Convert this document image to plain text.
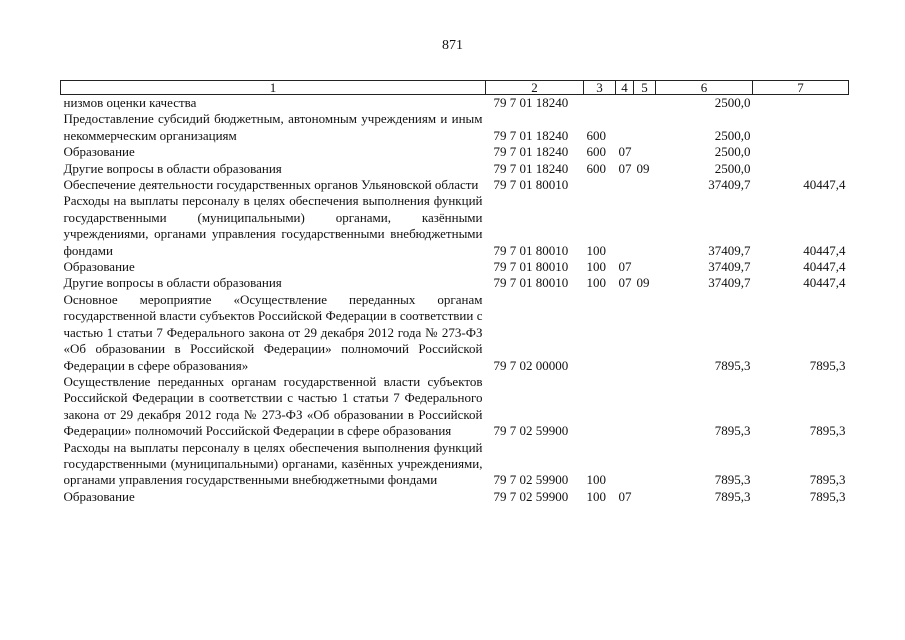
871
1	2	3	4	5	6	7
низмов оценки качества	79 7 01 18240				2500,0	
Предоставление субсидий бюджетным, автономным учреждениям и иным некоммерческим организациям	79 7 01 18240	600			2500,0	
Образование	79 7 01 18240	600	07		2500,0	
Другие вопросы в области образования	79 7 01 18240	600	07	09	2500,0	
Обеспечение деятельности государственных органов Ульяновской области	79 7 01 80010				37409,7	40447,4
Расходы на выплаты персоналу в целях обеспечения выполнения функций государственными (муниципальными) органами, казёнными учреждениями, органами управления государственными внебюджетными фондами	79 7 01 80010	100			37409,7	40447,4
Образование	79 7 01 80010	100	07		37409,7	40447,4
Другие вопросы в области образования	79 7 01 80010	100	07	09	37409,7	40447,4
Основное мероприятие «Осуществление переданных органам государственной власти субъектов Российской Федерации в соответствии с частью 1 статьи 7 Федерального закона от 29 декабря 2012 года № 273-ФЗ «Об образовании в Российской Федерации» полномочий Российской Федерации в сфере образования»	79 7 02 00000				7895,3	7895,3
Осуществление переданных органам государственной власти субъектов Российской Федерации в соответствии с частью 1 статьи 7 Федерального закона от 29 декабря 2012 года № 273-ФЗ «Об образовании в Российской Федерации» полномочий Российской Федерации в сфере образования	79 7 02 59900				7895,3	7895,3
Расходы на выплаты персоналу в целях обеспечения выполнения функций государственными (муниципальными) органами, казённых учреждениями, органами управления государственными внебюджетными фондами	79 7 02 59900	100			7895,3	7895,3
Образование	79 7 02 59900	100	07		7895,3	7895,3
